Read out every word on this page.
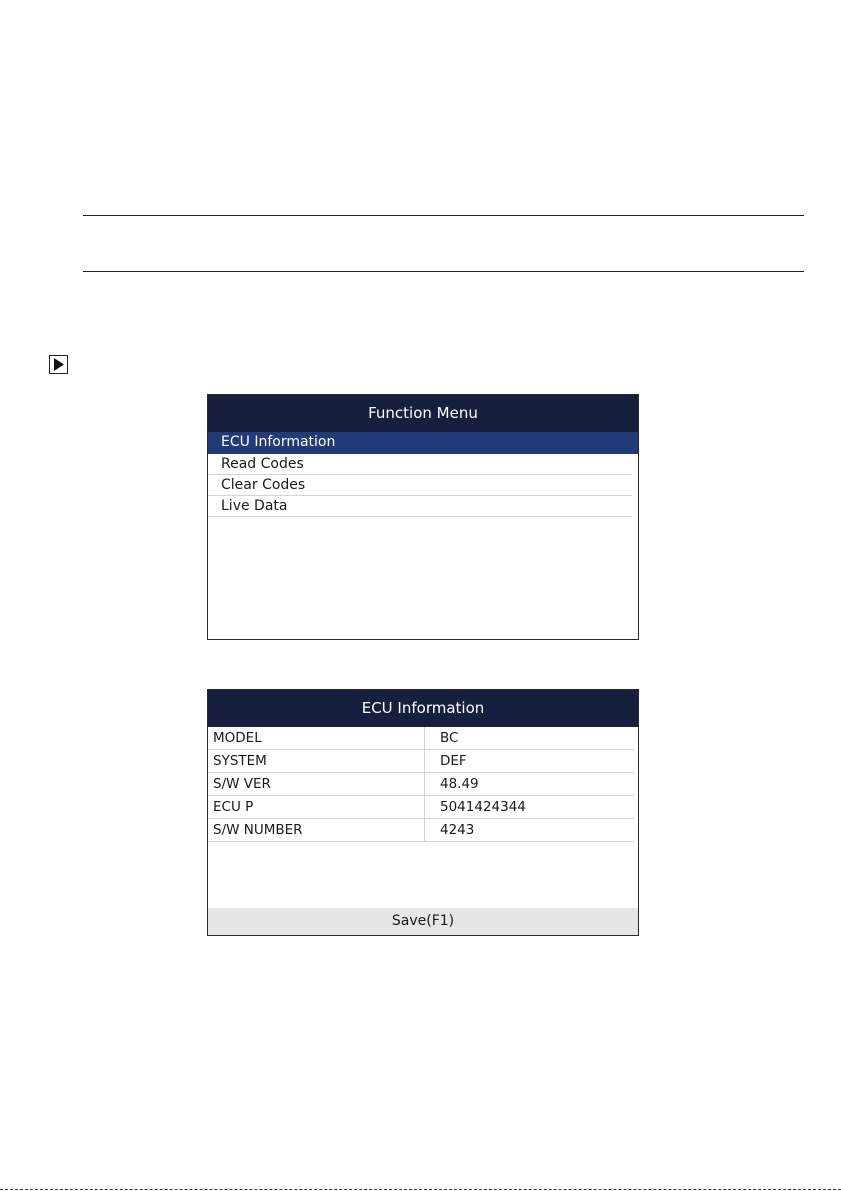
Function Menu
ECU Information
Read Codes
Clear Codes
Live Data
ECU Information
MODEL	BC
SYSTEM	DEF
S/W VER	48.49
ECU P	5041424344
S/W NUMBER	4243
Save(F1)
